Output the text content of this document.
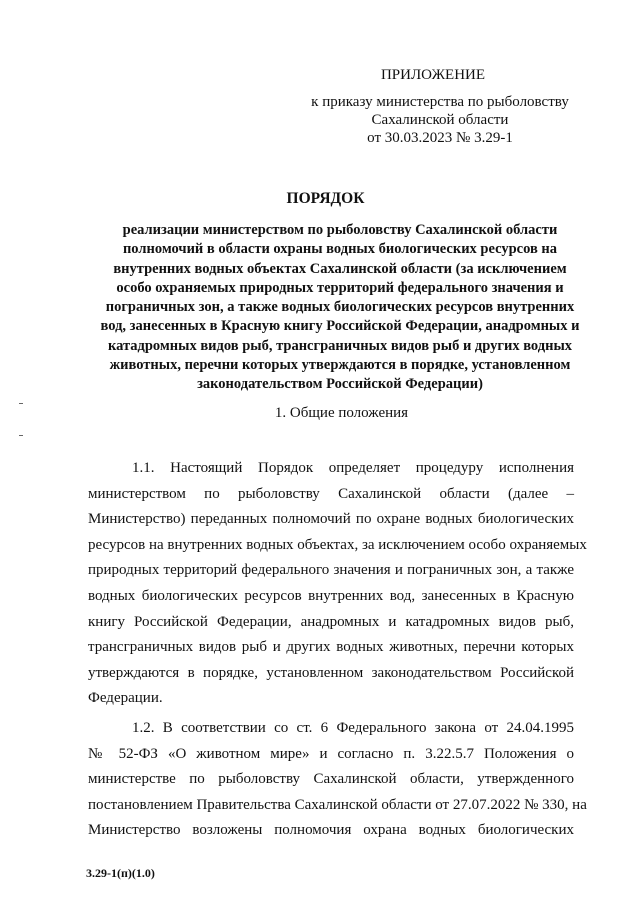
ПРИЛОЖЕНИЕ
к приказу министерства по рыболовству
Сахалинской области
от 30.03.2023 № 3.29-1
ПОРЯДОК
реализации министерством по рыболовству Сахалинской области
полномочий в области охраны водных биологических ресурсов на
внутренних водных объектах Сахалинской области (за исключением
особо охраняемых природных территорий федерального значения и
пограничных зон, а также водных биологических ресурсов внутренних
вод, занесенных в Красную книгу Российской Федерации, анадромных и
катадромных видов рыб, трансграничных видов рыб и других водных
животных, перечни которых утверждаются в порядке, установленном
законодательством Российской Федерации)
1. Общие положения
1.1. Настоящий Порядок определяет процедуру исполнения
министерством по рыболовству Сахалинской области (далее –
Министерство) переданных полномочий по охране водных биологических
ресурсов на внутренних водных объектах, за исключением особо охраняемых
природных территорий федерального значения и пограничных зон, а также
водных биологических ресурсов внутренних вод, занесенных в Красную
книгу Российской Федерации, анадромных и катадромных видов рыб,
трансграничных видов рыб и других водных животных, перечни которых
утверждаются в порядке, установленном законодательством Российской
Федерации.
1.2. В соответствии со ст. 6 Федерального закона от 24.04.1995
№ 52-ФЗ «О животном мире» и согласно п. 3.22.5.7 Положения о
министерстве по рыболовству Сахалинской области, утвержденного
постановлением Правительства Сахалинской области от 27.07.2022 № 330, на
Министерство возложены полномочия охрана водных биологических
3.29-1(п)(1.0)
